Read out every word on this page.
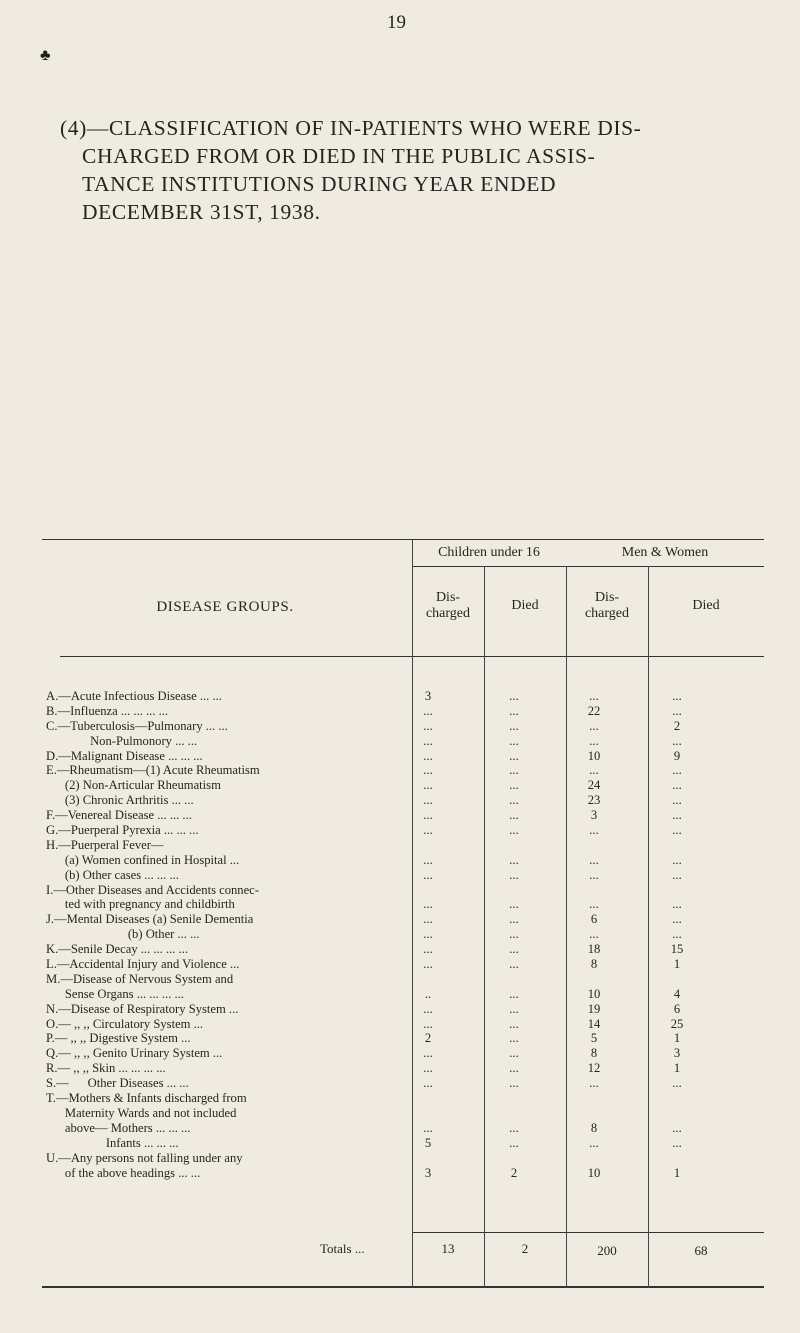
19
♣
(4)—CLASSIFICATION OF IN-PATIENTS WHO WERE DIS-
CHARGED FROM OR DIED IN THE PUBLIC ASSIS-
TANCE INSTITUTIONS DURING YEAR ENDED
DECEMBER 31ST, 1938.
DISEASE GROUPS.
Children under 16	Men & Women
Dis- charged
Died
Dis- charged
Died
A.—Acute Infectious Disease ... ...	3	...	...	...
B.—Influenza ... ... ... ...	...	...	22	...
C.—Tuberculosis—Pulmonary ... ...	...	...	...	2
Non-Pulmonory ... ...	...	...	...	...
D.—Malignant Disease ... ... ...	...	...	10	9
E.—Rheumatism—(1) Acute Rheumatism	...	...	...	...
(2) Non-Articular Rheumatism	...	...	24	...
(3) Chronic Arthritis ... ...	...	...	23	...
F.—Venereal Disease ... ... ...	...	...	3	...
G.—Puerperal Pyrexia ... ... ...	...	...	...	...
H.—Puerperal Fever—
(a) Women confined in Hospital ...	...	...	...	...
(b) Other cases ... ... ...	...	...	...	...
I.—Other Diseases and Accidents connec-
ted with pregnancy and childbirth	...	...	...	...
J.—Mental Diseases (a) Senile Dementia	...	...	6	...
(b) Other ... ...	...	...	...	...
K.—Senile Decay ... ... ... ...	...	...	18	15
L.—Accidental Injury and Violence ...	...	...	8	1
M.—Disease of Nervous System and
Sense Organs ... ... ... ...	..	...	10	4
N.—Disease of Respiratory System ...	...	...	19	6
O.— ,, ,, Circulatory System ...	...	...	14	25
P.— ,, ,, Digestive System ...	2	...	5	1
Q.— ,, ,, Genito Urinary System ...	...	...	8	3
R.— ,, ,, Skin ... ... ... ...	...	...	12	1
S.—      Other Diseases ... ...	...	...	...	...
T.—Mothers & Infants discharged from
Maternity Wards and not included
above— Mothers ... ... ...	...	...	8	...
Infants ... ... ...	5	...	...	...
U.—Any persons not falling under any
of the above headings ... ...	3	2	10	1
Totals ...	13	2	200	68
